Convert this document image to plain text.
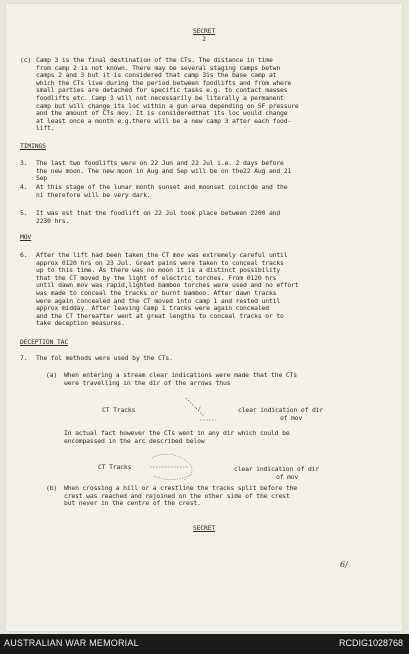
SECRET
2
(c) Camp 3 is the final destination of the CTs. The distance in time
from camp 2 is not known. There may be several staging camps betwn
camps 2 and 3 but it is considered that camp 3is the base camp at
which the CTs live during the period between foodlifts and from where
small parties are detached for specific tasks e.g. to contact masses
foodlifts etc. Camp 3 will not necessarily be literally a permanent
camp but will change its loc within a gun area depending on SF pressure
and the amount of CTs mov. It is consideredthat its loc would change
at least once a month e.g.there will be a new camp 3 after each food-
lift.
TIMINGS
3. The last two foodlifts were on 22 Jun and 22 Jul i.e. 2 days before
the new moon. The new moon in Aug and Sep will be on the22 Aug and 21
Sep
4. At this stage of the lunar month sunset and moonset coincide and the
ni therefore will be very dark.
5. It was est that the foodlift on 22 Jul took place between 2200 and
2230 hrs.
MOV
6. After the lift had been taken the CT mov was extremely careful until
approx 0120 hrs on 23 Jul. Great pains were taken to conceal tracks
up to this time. As there was no moon it is a distinct possibility
that the CT moved by the light of electric torches. From 0120 hrs
until dawn mov was rapid,lighted bamboo torches were used and no effort
was made to conceal the tracks or burnt bamboo. After dawn tracks
were again concealed and the CT moved into camp 1 and rested until
approx midday. After leaving Camp 1 tracks were again concealed
and the CT thereafter went at great lengths to conceal tracks or to
take deception measures.
DECEPTION TAC
7. The fol methods were used by the CTs.
(a) When entering a stream clear indications were made that the CTs
were travelling in the dir of the arrows thus
CT Tracks	/	clear indication of dir
of mov
In actual fact however the CTs went in any dir which could be
encompassed in the arc described below
CT Tracks	clear indication of dir
of mov
(b) When crossing a hill or a crestline the tracks split before the
crest was reached and rejoined on the other side of the crest
but never in the centre of the crest.
SECRET
6/
AUSTRALIAN WAR MEMORIAL	RCDIG1028768
